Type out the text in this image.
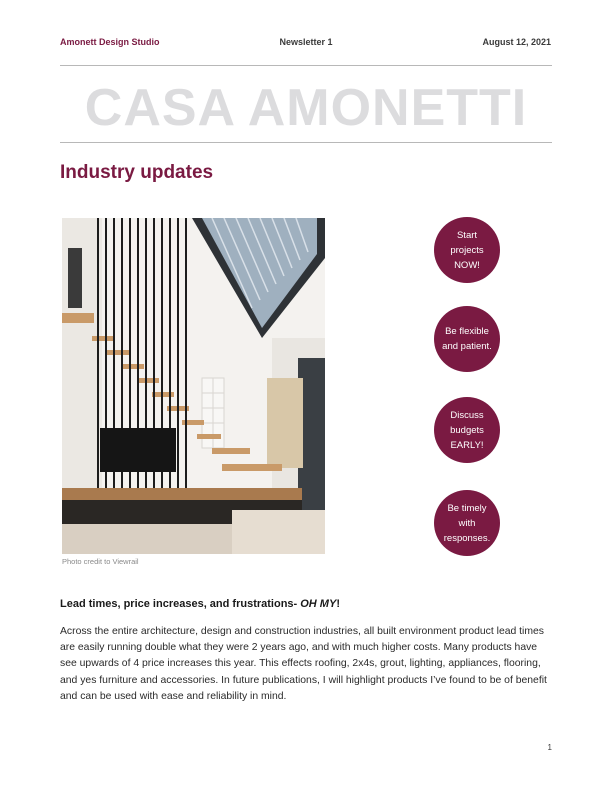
Amonett Design Studio	Newsletter 1	August 12, 2021
CASA AMONETTI
Industry updates
Photo credit to Viewrail
Start projects
NOW!
Be flexible
and patient.
Discuss
budgets
EARLY!
Be timely
with
responses.
Lead times, price increases, and frustrations- OH MY!
Across the entire architecture, design and construction industries, all built environment product lead times are easily running double what they were 2 years ago, and with much higher costs. Many products have see upwards of 4 price increases this year. This effects roofing, 2x4s, grout, lighting, appliances, flooring, and yes furniture and accessories. In future publications, I will highlight products I’ve found to be of benefit and can be used with ease and reliability in mind.
1
